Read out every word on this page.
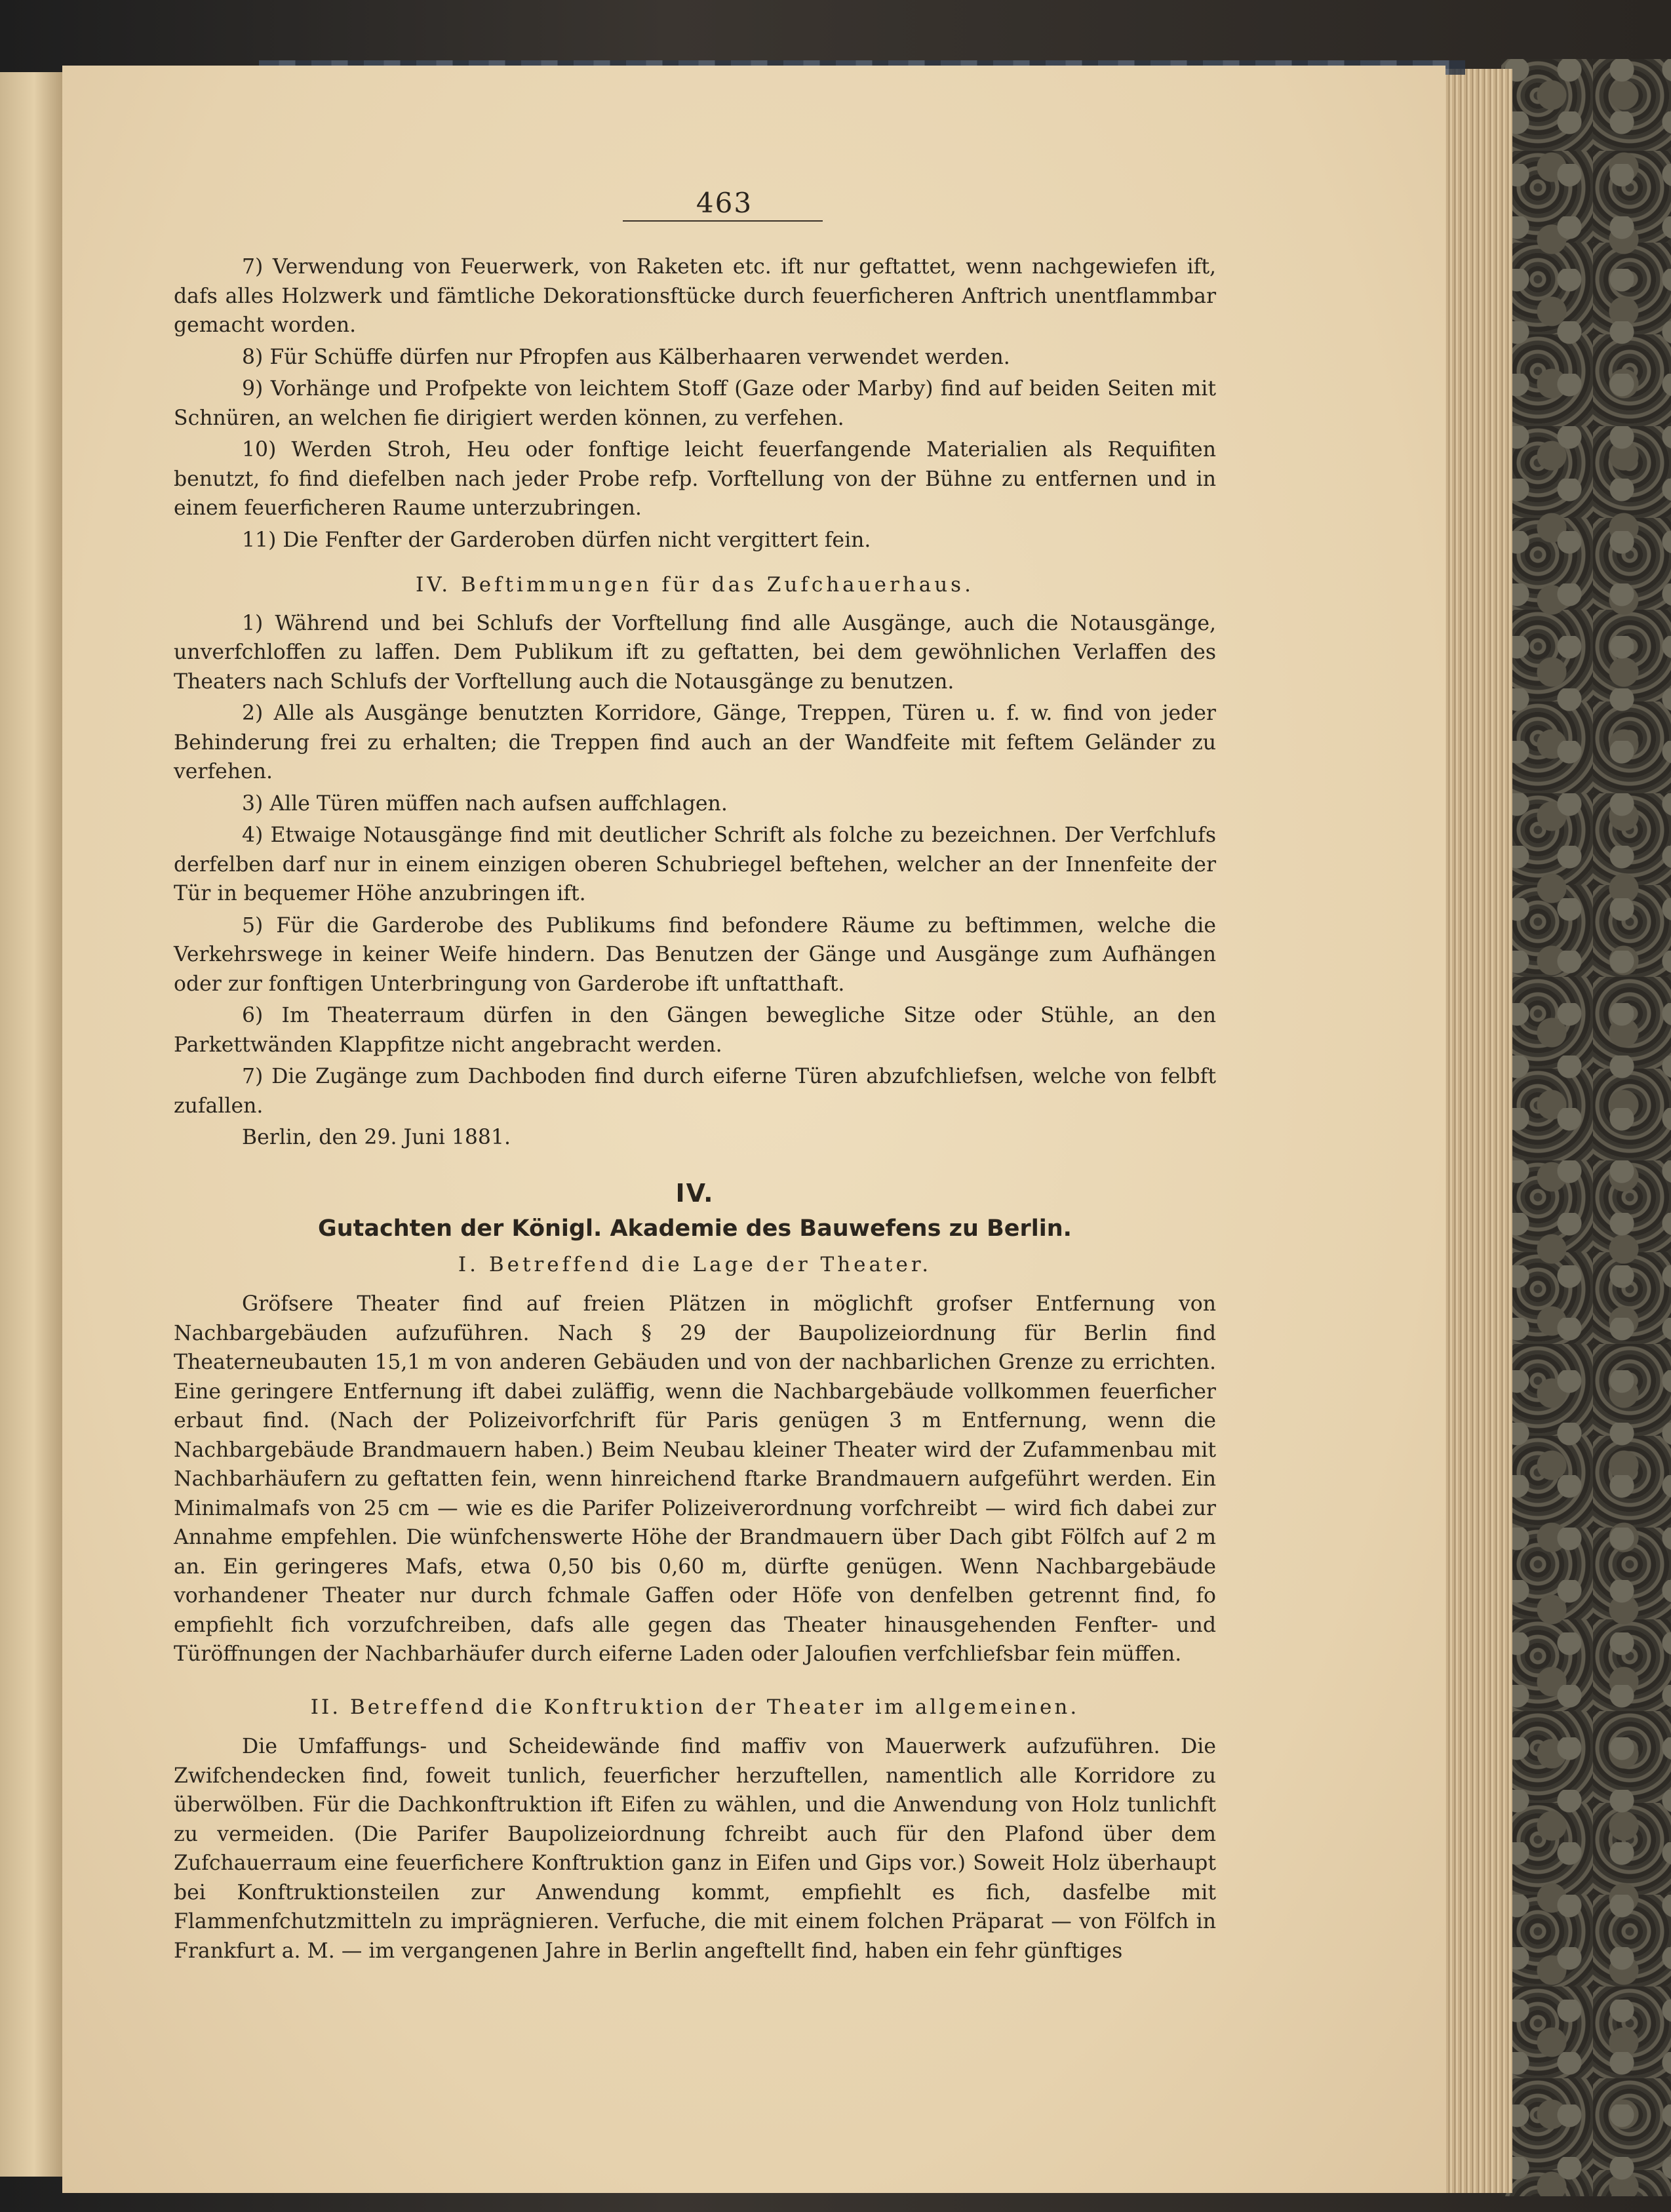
463

7) Verwendung von Feuerwerk, von Raketen etc. ift nur geftattet, wenn nachgewiefen ift, dafs alles Holzwerk und fämtliche Dekorationsftücke durch feuerficheren Anftrich unentflammbar gemacht worden.

8) Für Schüffe dürfen nur Pfropfen aus Kälberhaaren verwendet werden.

9) Vorhänge und Profpekte von leichtem Stoff (Gaze oder Marby) find auf beiden Seiten mit Schnüren, an welchen fie dirigiert werden können, zu verfehen.

10) Werden Stroh, Heu oder fonftige leicht feuerfangende Materialien als Requifiten benutzt, fo find diefelben nach jeder Probe refp. Vorftellung von der Bühne zu entfernen und in einem feuerficheren Raume unterzubringen.

11) Die Fenfter der Garderoben dürfen nicht vergittert fein.

IV. Beftimmungen für das Zufchauerhaus.

1) Während und bei Schlufs der Vorftellung find alle Ausgänge, auch die Notausgänge, unverfchloffen zu laffen. Dem Publikum ift zu geftatten, bei dem gewöhnlichen Verlaffen des Theaters nach Schlufs der Vorftellung auch die Notausgänge zu benutzen.

2) Alle als Ausgänge benutzten Korridore, Gänge, Treppen, Türen u. f. w. find von jeder Behinderung frei zu erhalten; die Treppen find auch an der Wandfeite mit feftem Geländer zu verfehen.

3) Alle Türen müffen nach aufsen auffchlagen.

4) Etwaige Notausgänge find mit deutlicher Schrift als folche zu bezeichnen. Der Verfchlufs derfelben darf nur in einem einzigen oberen Schubriegel beftehen, welcher an der Innenfeite der Tür in bequemer Höhe anzubringen ift.

5) Für die Garderobe des Publikums find befondere Räume zu beftimmen, welche die Verkehrswege in keiner Weife hindern. Das Benutzen der Gänge und Ausgänge zum Aufhängen oder zur fonftigen Unterbringung von Garderobe ift unftatthaft.

6) Im Theaterraum dürfen in den Gängen bewegliche Sitze oder Stühle, an den Parkettwänden Klappfitze nicht angebracht werden.

7) Die Zugänge zum Dachboden find durch eiferne Türen abzufchliefsen, welche von felbft zufallen.

Berlin, den 29. Juni 1881.

IV.
Gutachten der Königl. Akademie des Bauwefens zu Berlin.
I. Betreffend die Lage der Theater.

Gröfsere Theater find auf freien Plätzen in möglichft grofser Entfernung von Nachbargebäuden aufzuführen. Nach § 29 der Baupolizeiordnung für Berlin find Theaterneubauten 15,1 m von anderen Gebäuden und von der nachbarlichen Grenze zu errichten. Eine geringere Entfernung ift dabei zuläffig, wenn die Nachbargebäude vollkommen feuerficher erbaut find. (Nach der Polizeivorfchrift für Paris genügen 3 m Entfernung, wenn die Nachbargebäude Brandmauern haben.) Beim Neubau kleiner Theater wird der Zufammenbau mit Nachbarhäufern zu geftatten fein, wenn hinreichend ftarke Brandmauern aufgeführt werden. Ein Minimalmafs von 25 cm — wie es die Parifer Polizeiverordnung vorfchreibt — wird fich dabei zur Annahme empfehlen. Die wünfchenswerte Höhe der Brandmauern über Dach gibt Fölfch auf 2 m an. Ein geringeres Mafs, etwa 0,50 bis 0,60 m, dürfte genügen. Wenn Nachbargebäude vorhandener Theater nur durch fchmale Gaffen oder Höfe von denfelben getrennt find, fo empfiehlt fich vorzufchreiben, dafs alle gegen das Theater hinausgehenden Fenfter- und Türöffnungen der Nachbarhäufer durch eiferne Laden oder Jaloufien verfchliefsbar fein müffen.

II. Betreffend die Konftruktion der Theater im allgemeinen.

Die Umfaffungs- und Scheidewände find maffiv von Mauerwerk aufzuführen. Die Zwifchendecken find, foweit tunlich, feuerficher herzuftellen, namentlich alle Korridore zu überwölben. Für die Dachkonftruktion ift Eifen zu wählen, und die Anwendung von Holz tunlichft zu vermeiden. (Die Parifer Baupolizeiordnung fchreibt auch für den Plafond über dem Zufchauerraum eine feuerfichere Konftruktion ganz in Eifen und Gips vor.) Soweit Holz überhaupt bei Konftruktionsteilen zur Anwendung kommt, empfiehlt es fich, dasfelbe mit Flammenfchutzmitteln zu imprägnieren. Verfuche, die mit einem folchen Präparat — von Fölfch in Frankfurt a. M. — im vergangenen Jahre in Berlin angeftellt find, haben ein fehr günftiges
